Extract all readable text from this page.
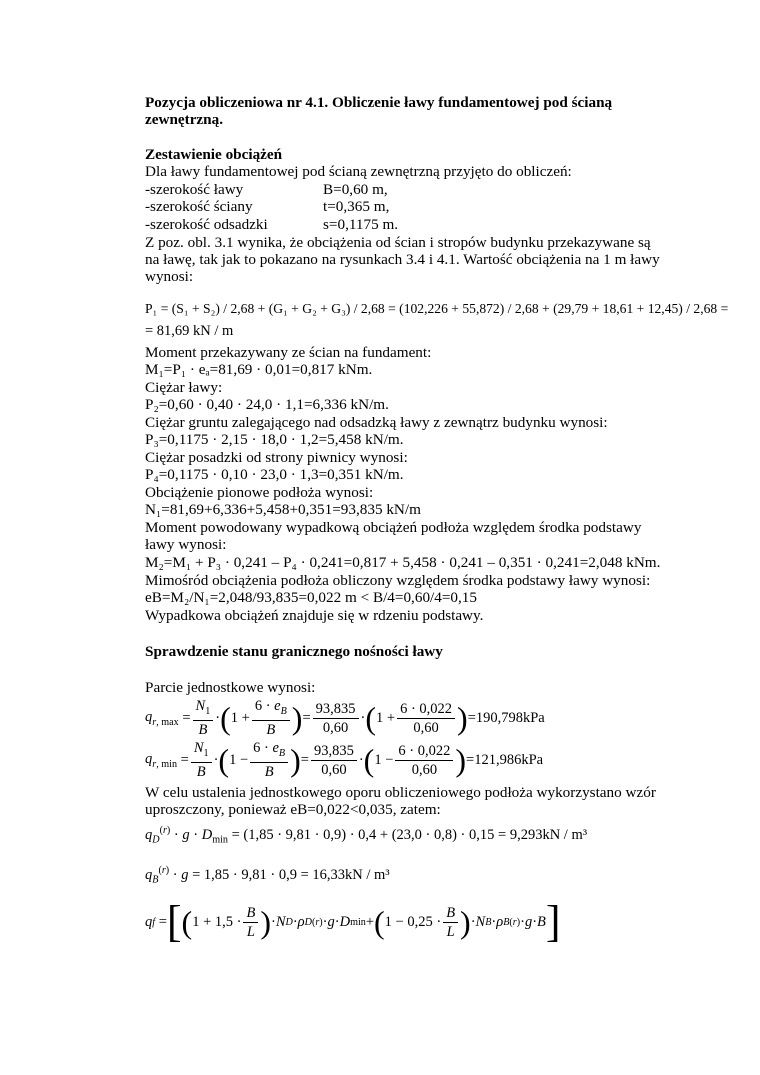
Pozycja obliczeniowa nr 4.1. Obliczenie ławy fundamentowej pod ścianą
zewnętrzną.
Zestawienie obciążeń
Dla ławy fundamentowej pod ścianą zewnętrzną przyjęto do obliczeń:
-szerokość ławy	B=0,60 m,
-szerokość ściany	t=0,365 m,
-szerokość odsadzki	s=0,1175 m.
Z poz. obl. 3.1 wynika, że obciążenia od ścian i stropów budynku przekazywane są
na ławę, tak jak to pokazano na rysunkach 3.4 i 4.1. Wartość obciążenia na 1 m ławy
wynosi:
P₁ = (S₁ + S₂) / 2,68 + (G₁ + G₂ + G₃) / 2,68 = (102,226 + 55,872) / 2,68 + (29,79 + 18,61 + 12,45) / 2,68 =
= 81,69 kN / m
Moment przekazywany ze ścian na fundament:
M₁=P₁ · eₐ=81,69 · 0,01=0,817 kNm.
Ciężar ławy:
P₂=0,60 · 0,40 · 24,0 · 1,1=6,336 kN/m.
Ciężar gruntu zalegającego nad odsadzką ławy z zewnątrz budynku wynosi:
P₃=0,1175 · 2,15 · 18,0 · 1,2=5,458 kN/m.
Ciężar posadzki od strony piwnicy wynosi:
P₄=0,1175 · 0,10 · 23,0 · 1,3=0,351 kN/m.
Obciążenie pionowe podłoża wynosi:
N₁=81,69+6,336+5,458+0,351=93,835 kN/m
Moment powodowany wypadkową obciążeń podłoża względem środka podstawy
ławy wynosi:
M₂=M₁ + P₃ · 0,241 – P₄ · 0,241=0,817 + 5,458 · 0,241 – 0,351 · 0,241=2,048 kNm.
Mimośród obciążenia podłoża obliczony względem środka podstawy ławy wynosi:
eB=M₂/N₁=2,048/93,835=0,022 m < B/4=0,60/4=0,15
Wypadkowa obciążeń znajduje się w rdzeniu podstawy.
Sprawdzenie stanu granicznego nośności ławy
Parcie jednostkowe wynosi:
$q_{r, max} = \frac{N_1}{B}$ · ( $1 + \frac{6 \cdot e_B}{B}$ ) = $\frac{93,835}{0,60}$ · ( $1 + \frac{6 \cdot 0,022}{0,60}$ ) =190,798kPa
$q_{r, min} = \frac{N_1}{B}$ · ( $1 - \frac{6 \cdot e_B}{B}$ ) = $\frac{93,835}{0,60}$ · ( $1 - \frac{6 \cdot 0,022}{0,60}$ ) =121,986kPa
W celu ustalenia jednostkowego oporu obliczeniowego podłoża wykorzystano wzór
uproszczony, ponieważ eB=0,022<0,035, zatem:
$q_D^{(r)} \cdot g \cdot D_{min} = (1,85 \cdot 9,81 \cdot 0,9) \cdot 0,4 + (23,0 \cdot 0,8) \cdot 0,15 = 9,293kN / m^3$
$q_B^{(r)} \cdot g = 1,85 \cdot 9,81 \cdot 0,9 = 16,33kN / m^3$
q f = [ ( $1 + 1,5 \cdot \frac{B}{L}$ ) · N D · ρ D (r) · g · D min + ( $1 - 0,25 \cdot \frac{B}{L}$ ) · N B · ρ B (r) · g · B ]
